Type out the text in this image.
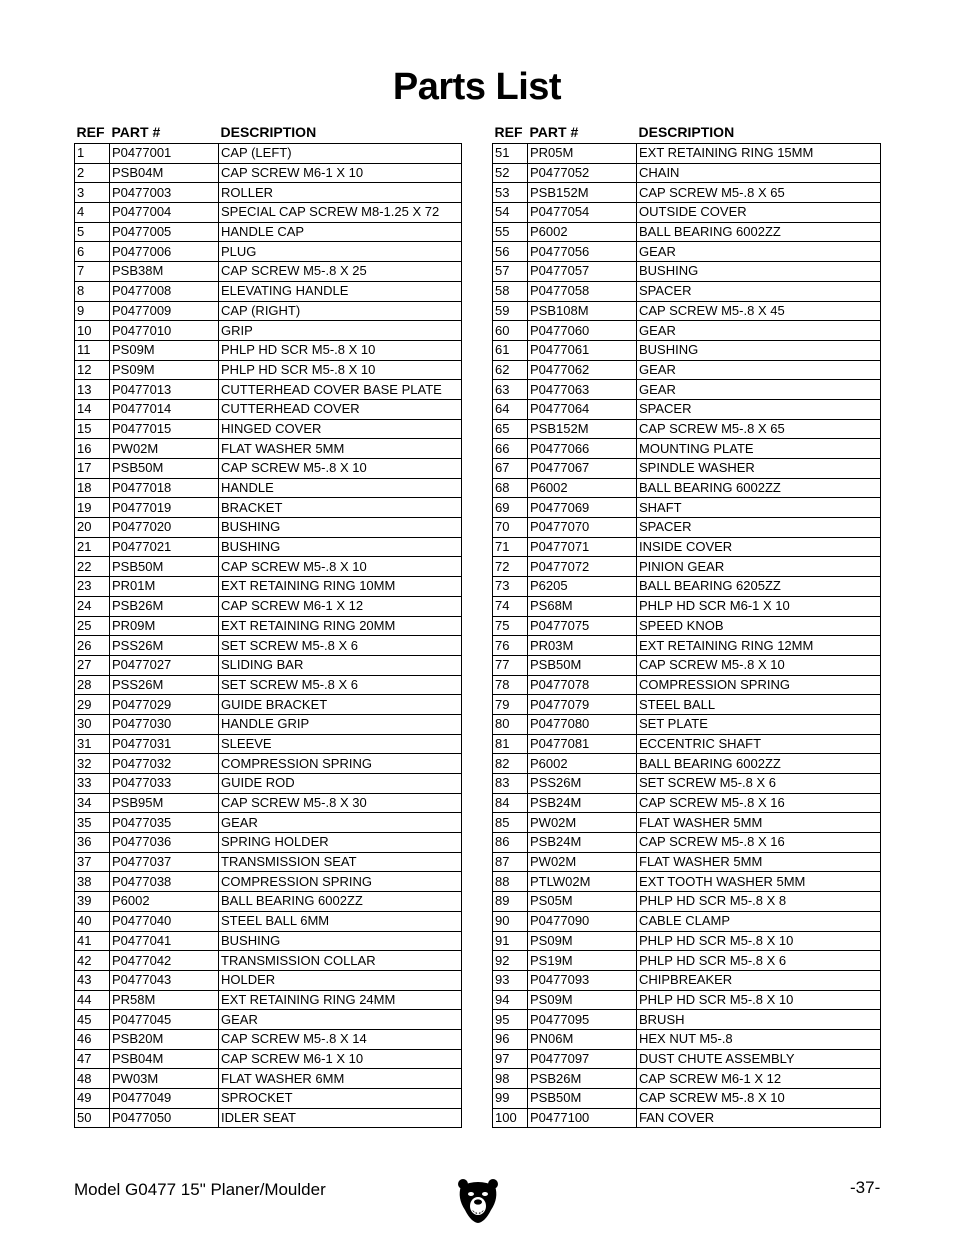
Parts List
REF	PART #	DESCRIPTION
1	P0477001	CAP (LEFT)
2	PSB04M	CAP SCREW M6-1 X 10
3	P0477003	ROLLER
4	P0477004	SPECIAL CAP SCREW M8-1.25 X 72
5	P0477005	HANDLE CAP
6	P0477006	PLUG
7	PSB38M	CAP SCREW M5-.8 X 25
8	P0477008	ELEVATING HANDLE
9	P0477009	CAP (RIGHT)
10	P0477010	GRIP
11	PS09M	PHLP HD SCR M5-.8 X 10
12	PS09M	PHLP HD SCR M5-.8 X 10
13	P0477013	CUTTERHEAD COVER BASE PLATE
14	P0477014	CUTTERHEAD COVER
15	P0477015	HINGED COVER
16	PW02M	FLAT WASHER 5MM
17	PSB50M	CAP SCREW M5-.8 X 10
18	P0477018	HANDLE
19	P0477019	BRACKET
20	P0477020	BUSHING
21	P0477021	BUSHING
22	PSB50M	CAP SCREW M5-.8 X 10
23	PR01M	EXT RETAINING RING 10MM
24	PSB26M	CAP SCREW M6-1 X 12
25	PR09M	EXT RETAINING RING 20MM
26	PSS26M	SET SCREW M5-.8 X 6
27	P0477027	SLIDING BAR
28	PSS26M	SET SCREW M5-.8 X 6
29	P0477029	GUIDE BRACKET
30	P0477030	HANDLE GRIP
31	P0477031	SLEEVE
32	P0477032	COMPRESSION SPRING
33	P0477033	GUIDE ROD
34	PSB95M	CAP SCREW M5-.8 X 30
35	P0477035	GEAR
36	P0477036	SPRING HOLDER
37	P0477037	TRANSMISSION SEAT
38	P0477038	COMPRESSION SPRING
39	P6002	BALL BEARING 6002ZZ
40	P0477040	STEEL BALL 6MM
41	P0477041	BUSHING
42	P0477042	TRANSMISSION COLLAR
43	P0477043	HOLDER
44	PR58M	EXT RETAINING RING 24MM
45	P0477045	GEAR
46	PSB20M	CAP SCREW M5-.8 X 14
47	PSB04M	CAP SCREW M6-1 X 10
48	PW03M	FLAT WASHER 6MM
49	P0477049	SPROCKET
50	P0477050	IDLER SEAT
REF	PART #	DESCRIPTION
51	PR05M	EXT RETAINING RING 15MM
52	P0477052	CHAIN
53	PSB152M	CAP SCREW M5-.8 X 65
54	P0477054	OUTSIDE COVER
55	P6002	BALL BEARING 6002ZZ
56	P0477056	GEAR
57	P0477057	BUSHING
58	P0477058	SPACER
59	PSB108M	CAP SCREW M5-.8 X 45
60	P0477060	GEAR
61	P0477061	BUSHING
62	P0477062	GEAR
63	P0477063	GEAR
64	P0477064	SPACER
65	PSB152M	CAP SCREW M5-.8 X 65
66	P0477066	MOUNTING PLATE
67	P0477067	SPINDLE WASHER
68	P6002	BALL BEARING 6002ZZ
69	P0477069	SHAFT
70	P0477070	SPACER
71	P0477071	INSIDE COVER
72	P0477072	PINION GEAR
73	P6205	BALL BEARING 6205ZZ
74	PS68M	PHLP HD SCR M6-1 X 10
75	P0477075	SPEED KNOB
76	PR03M	EXT RETAINING RING 12MM
77	PSB50M	CAP SCREW M5-.8 X 10
78	P0477078	COMPRESSION SPRING
79	P0477079	STEEL BALL
80	P0477080	SET PLATE
81	P0477081	ECCENTRIC SHAFT
82	P6002	BALL BEARING 6002ZZ
83	PSS26M	SET SCREW M5-.8 X 6
84	PSB24M	CAP SCREW M5-.8 X 16
85	PW02M	FLAT WASHER 5MM
86	PSB24M	CAP SCREW M5-.8 X 16
87	PW02M	FLAT WASHER 5MM
88	PTLW02M	EXT TOOTH WASHER 5MM
89	PS05M	PHLP HD SCR M5-.8 X 8
90	P0477090	CABLE CLAMP
91	PS09M	PHLP HD SCR M5-.8 X 10
92	PS19M	PHLP HD SCR M5-.8 X 6
93	P0477093	CHIPBREAKER
94	PS09M	PHLP HD SCR M5-.8 X 10
95	P0477095	BRUSH
96	PN06M	HEX NUT M5-.8
97	P0477097	DUST CHUTE ASSEMBLY
98	PSB26M	CAP SCREW M6-1 X 12
99	PSB50M	CAP SCREW M5-.8 X 10
100	P0477100	FAN COVER
Model G0477 15" Planer/Moulder	-37-
